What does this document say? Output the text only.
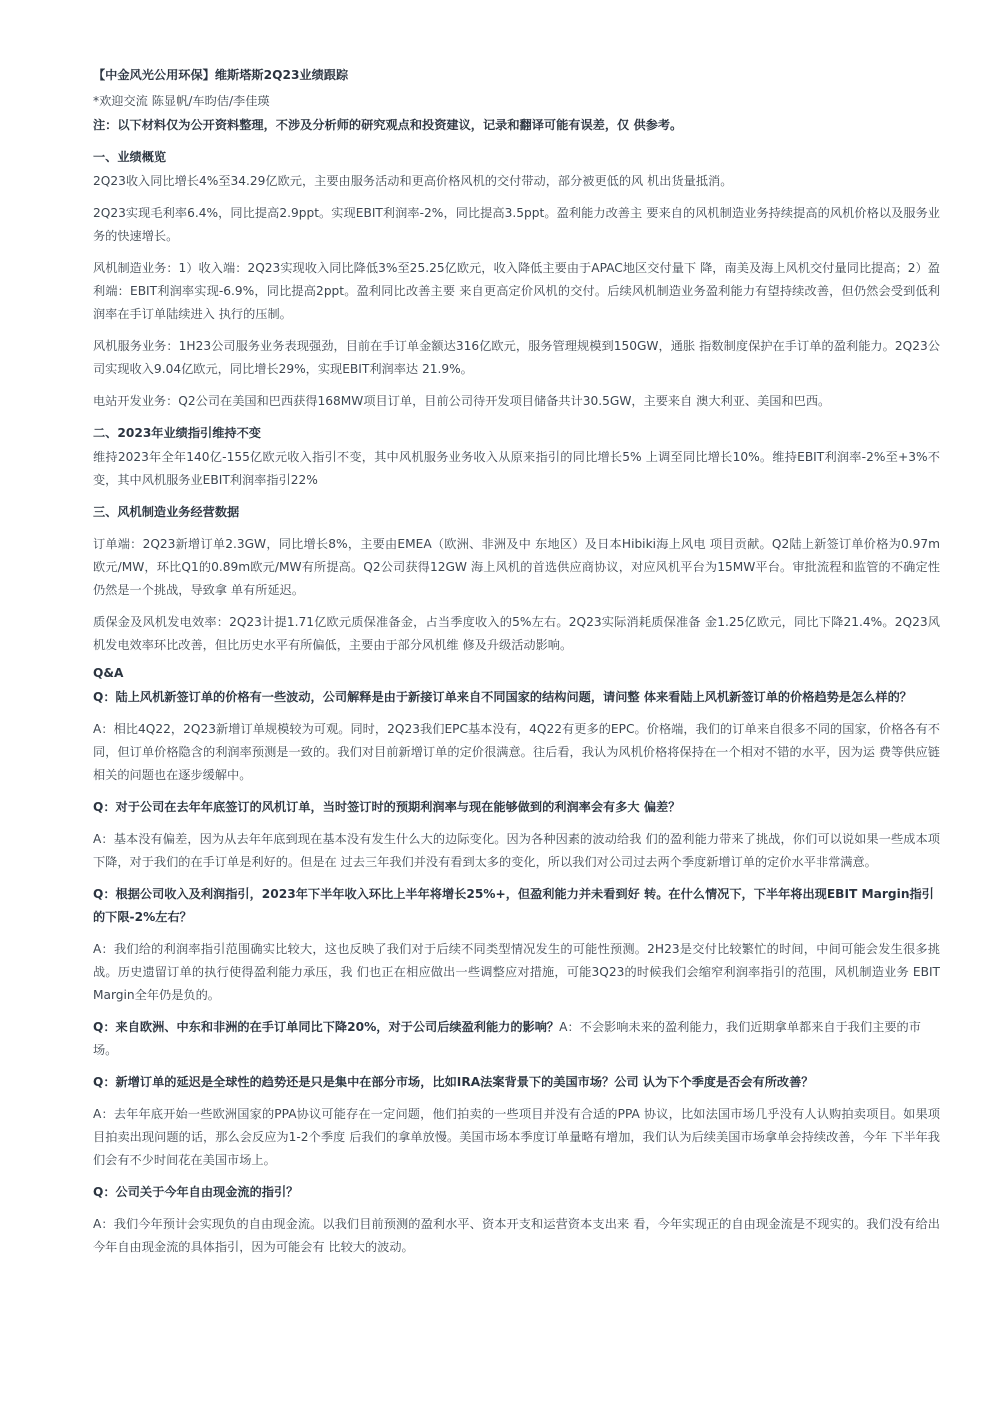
【中金风光公用环保】维斯塔斯2Q23业绩跟踪
*欢迎交流 陈显帆/车昀佶/李佳瑛
注：以下材料仅为公开资料整理，不涉及分析师的研究观点和投资建议，记录和翻译可能有误差，仅 供参考。
一、业绩概览
2Q23收入同比增长4%至34.29亿欧元，主要由服务活动和更高价格风机的交付带动，部分被更低的风 机出货量抵消。
2Q23实现毛利率6.4%，同比提高2.9ppt。实现EBIT利润率-2%，同比提高3.5ppt。盈利能力改善主 要来自的风机制造业务持续提高的风机价格以及服务业务的快速增长。
风机制造业务：1）收入端：2Q23实现收入同比降低3%至25.25亿欧元，收入降低主要由于APAC地区交付量下 降，南美及海上风机交付量同比提高；2）盈利端：EBIT利润率实现-6.9%，同比提高2ppt。盈利同比改善主要 来自更高定价风机的交付。后续风机制造业务盈利能力有望持续改善，但仍然会受到低利润率在手订单陆续进入 执行的压制。
风机服务业务：1H23公司服务业务表现强劲，目前在手订单金额达316亿欧元，服务管理规模到150GW，通胀 指数制度保护在手订单的盈利能力。2Q23公司实现收入9.04亿欧元，同比增长29%，实现EBIT利润率达 21.9%。
电站开发业务：Q2公司在美国和巴西获得168MW项目订单，目前公司待开发项目储备共计30.5GW，主要来自 澳大利亚、美国和巴西。
二、2023年业绩指引维持不变
维持2023年全年140亿-155亿欧元收入指引不变，其中风机服务业务收入从原来指引的同比增长5% 上调至同比增长10%。维持EBIT利润率-2%至+3%不变，其中风机服务业EBIT利润率指引22%
三、风机制造业务经营数据
订单端：2Q23新增订单2.3GW，同比增长8%，主要由EMEA（欧洲、非洲及中 东地区）及日本Hibiki海上风电 项目贡献。Q2陆上新签订单价格为0.97m欧元/MW，环比Q1的0.89m欧元/MW有所提高。Q2公司获得12GW 海上风机的首选供应商协议，对应风机平台为15MW平台。审批流程和监管的不确定性仍然是一个挑战，导致拿 单有所延迟。
质保金及风机发电效率：2Q23计提1.71亿欧元质保准备金，占当季度收入的5%左右。2Q23实际消耗质保准备 金1.25亿欧元，同比下降21.4%。2Q23风机发电效率环比改善，但比历史水平有所偏低，主要由于部分风机维 修及升级活动影响。
Q&A
Q：陆上风机新签订单的价格有一些波动，公司解释是由于新接订单来自不同国家的结构问题，请问整 体来看陆上风机新签订单的价格趋势是怎么样的？
A：相比4Q22，2Q23新增订单规模较为可观。同时，2Q23我们EPC基本没有，4Q22有更多的EPC。价格端，我们的订单来自很多不同的国家，价格各有不同，但订单价格隐含的利润率预测是一致的。我们对目前新增订单的定价很满意。往后看，我认为风机价格将保持在一个相对不错的水平，因为运 费等供应链相关的问题也在逐步缓解中。
Q：对于公司在去年年底签订的风机订单，当时签订时的预期利润率与现在能够做到的利润率会有多大 偏差？
A：基本没有偏差，因为从去年年底到现在基本没有发生什么大的边际变化。因为各种因素的波动给我 们的盈利能力带来了挑战，你们可以说如果一些成本项下降，对于我们的在手订单是利好的。但是在 过去三年我们并没有看到太多的变化，所以我们对公司过去两个季度新增订单的定价水平非常满意。
Q：根据公司收入及利润指引，2023年下半年收入环比上半年将增长25%+，但盈利能力并未看到好 转。在什么情况下，下半年将出现EBIT Margin指引的下限-2%左右？
A：我们给的利润率指引范围确实比较大，这也反映了我们对于后续不同类型情况发生的可能性预测。2H23是交付比较繁忙的时间，中间可能会发生很多挑战。历史遗留订单的执行使得盈利能力承压，我 们也正在相应做出一些调整应对措施，可能3Q23的时候我们会缩窄利润率指引的范围，风机制造业务 EBIT Margin全年仍是负的。
Q：来自欧洲、中东和非洲的在手订单同比下降20%，对于公司后续盈利能力的影响？A：不会影响未来的盈利能力，我们近期拿单都来自于我们主要的市场。
Q：新增订单的延迟是全球性的趋势还是只是集中在部分市场，比如IRA法案背景下的美国市场？公司 认为下个季度是否会有所改善？
A：去年年底开始一些欧洲国家的PPA协议可能存在一定问题，他们拍卖的一些项目并没有合适的PPA 协议，比如法国市场几乎没有人认购拍卖项目。如果项目拍卖出现问题的话，那么会反应为1-2个季度 后我们的拿单放慢。美国市场本季度订单量略有增加，我们认为后续美国市场拿单会持续改善，今年 下半年我们会有不少时间花在美国市场上。
Q：公司关于今年自由现金流的指引？
A：我们今年预计会实现负的自由现金流。以我们目前预测的盈利水平、资本开支和运营资本支出来 看，今年实现正的自由现金流是不现实的。我们没有给出今年自由现金流的具体指引，因为可能会有 比较大的波动。
